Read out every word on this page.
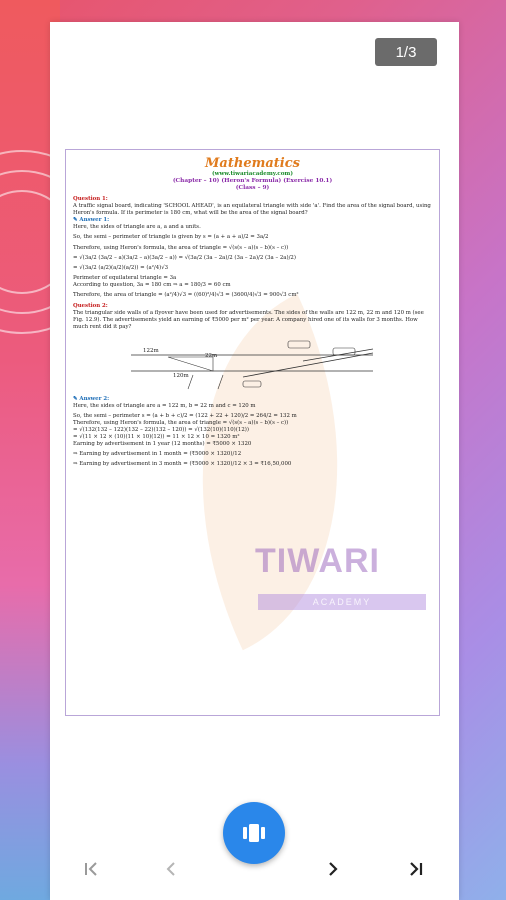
1/3
Mathematics
(www.tiwariacademy.com)
(Chapter – 10) (Heron's Formula) (Exercise 10.1)
(Class – 9)
Question 1:
A traffic signal board, indicating 'SCHOOL AHEAD', is an equilateral triangle with side 'a'. Find the area of the signal board, using Heron's formula. If its perimeter is 180 cm, what will be the area of the signal board?
✎ Answer 1:
Here, the sides of triangle are a, a and a units.
So, the semi – perimeter of triangle is given by s = (a + a + a)/2 = 3a/2
Therefore, using Heron's formula, the area of triangle = √(s(s – a)(s – b)(s – c))
= √(3a/2 (3a/2 – a)(3a/2 – a)(3a/2 – a)) = √(3a/2 (3a – 2a)/2 (3a – 2a)/2 (3a – 2a)/2)
= √(3a/2 (a/2)(a/2)(a/2)) = (a²/4)√3
Perimeter of equilateral triangle = 3a
According to question, 3a = 180 cm ⇒ a = 180/3 = 60 cm
Therefore, the area of triangle = (a²/4)√3 = ((60)²/4)√3 = (3600/4)√3 = 900√3 cm²
Question 2:
The triangular side walls of a flyover have been used for advertisements. The sides of the walls are 122 m, 22 m and 120 m (see Fig. 12.9). The advertisements yield an earning of ₹5000 per m² per year. A company hired one of its walls for 3 months. How much rent did it pay?
122m
22m
120m
✎ Answer 2:
Here, the sides of triangle are a = 122 m, b = 22 m and c = 120 m
So, the semi – perimeter s = (a + b + c)/2 = (122 + 22 + 120)/2 = 264/2 = 132 m
Therefore, using Heron's formula, the area of triangle = √(s(s – a)(s – b)(s – c))
= √(132(132 – 122)(132 – 22)(132 – 120)) = √(132(10)(110)(12))
= √(11 × 12 × (10)(11 × 10)(12)) = 11 × 12 × 10 = 1320 m²
Earning by advertisement in 1 year (12 months) = ₹5000 × 1320
⇒ Earning by advertisement in 1 month = (₹5000 × 1320)/12
⇒ Earning by advertisement in 3 month = (₹5000 × 1320)/12 × 3 = ₹16,50,000
TIWARI
ACADEMY
